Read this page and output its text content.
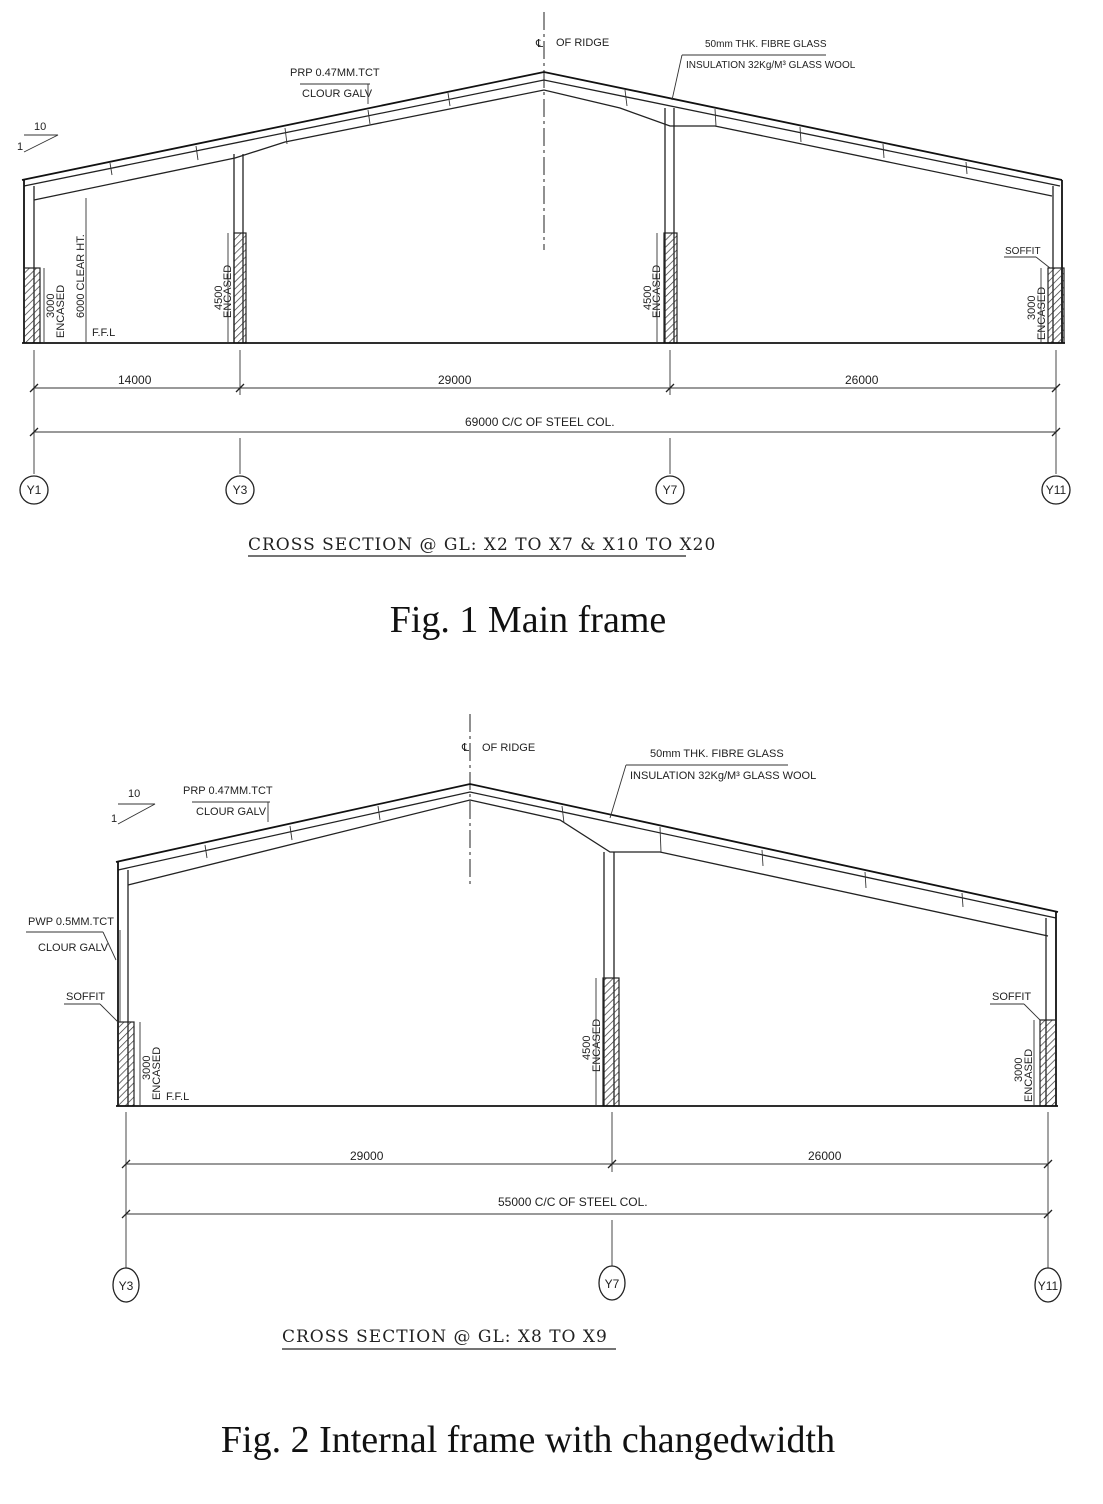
℄ OF RIDGE
10
1
PRP 0.47MM.TCT
CLOUR GALV
50mm THK. FIBRE GLASS
INSULATION 32Kg/M³ GLASS WOOL
SOFFIT
6000 CLEAR HT.
F.F.L
3000
ENCASED	4500
ENCASED	4500
ENCASED	3000
ENCASED
14000	29000	26000
69000 C/C OF STEEL COL.
Y1	Y3	Y7	Y11
CROSS SECTION @ GL: X2 TO X7 & X10 TO X20
Fig. 1 Main frame
℄ OF RIDGE
10
1
PRP 0.47MM.TCT
CLOUR GALV
50mm THK. FIBRE GLASS
INSULATION 32Kg/M³ GLASS WOOL
PWP 0.5MM.TCT
CLOUR GALV
SOFFIT	SOFFIT
F.F.L
3000
ENCASED	4500
ENCASED	3000
ENCASED
29000	26000
55000 C/C OF STEEL COL.
Y3	Y7	Y11
CROSS SECTION @ GL: X8 TO X9
Fig. 2 Internal frame with changedwidth
